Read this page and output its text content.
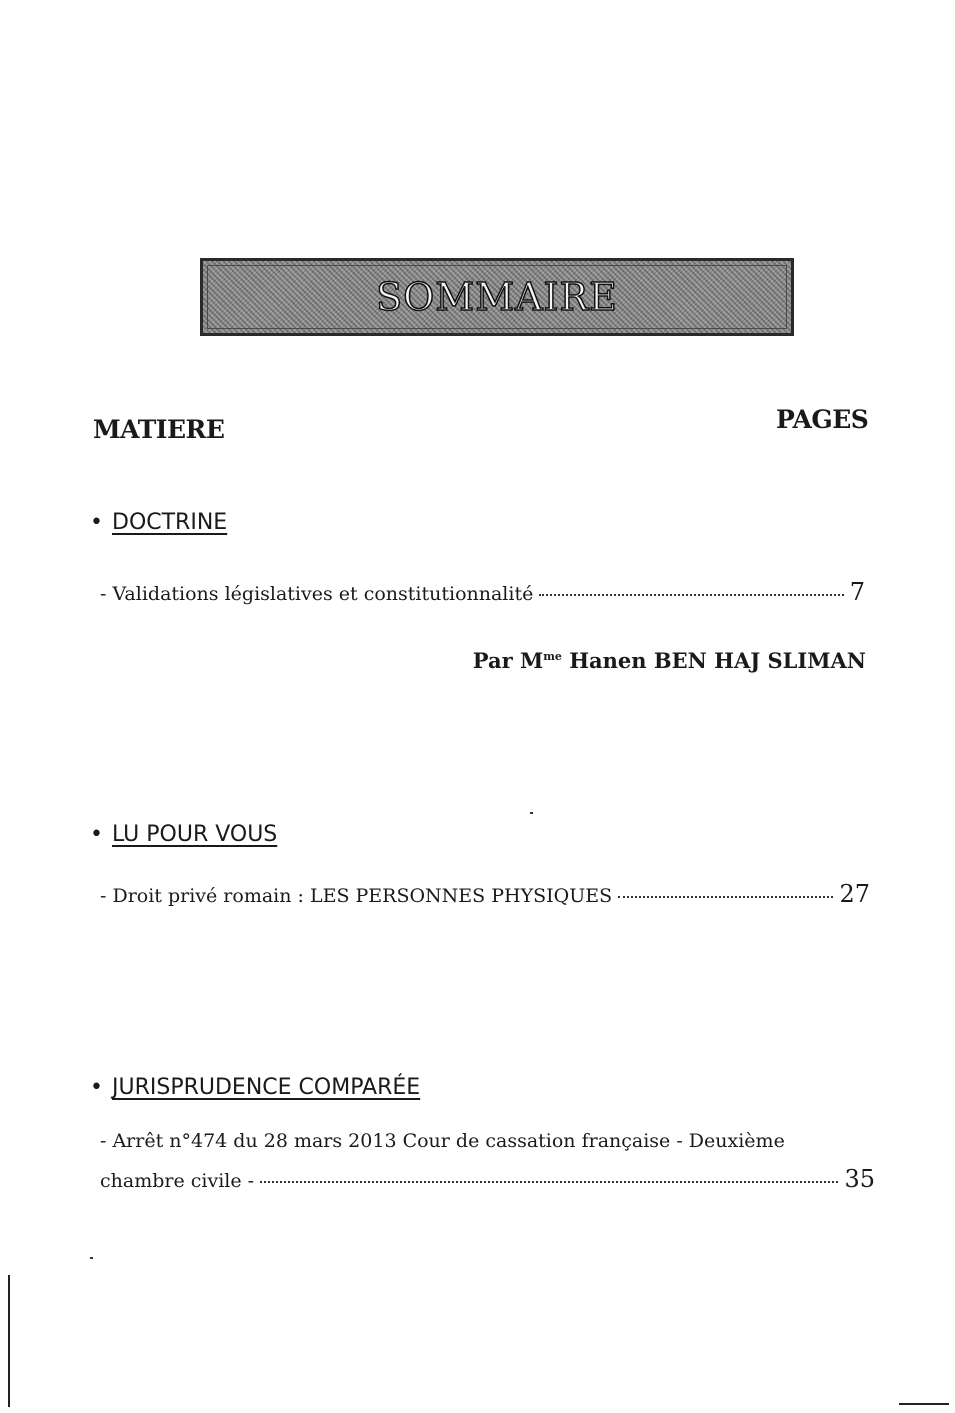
SOMMAIRE
MATIERE	PAGES
• DOCTRINE
- Validations législatives et constitutionnalité	7
Par $M^{me}$ Hanen BEN HAJ SLIMAN
• LU POUR VOUS
- Droit privé romain : LES PERSONNES PHYSIQUES	27
• JURISPRUDENCE COMPARÉE
- Arrêt n°474 du 28 mars 2013 Cour de cassation française - Deuxième
chambre civile -	35
